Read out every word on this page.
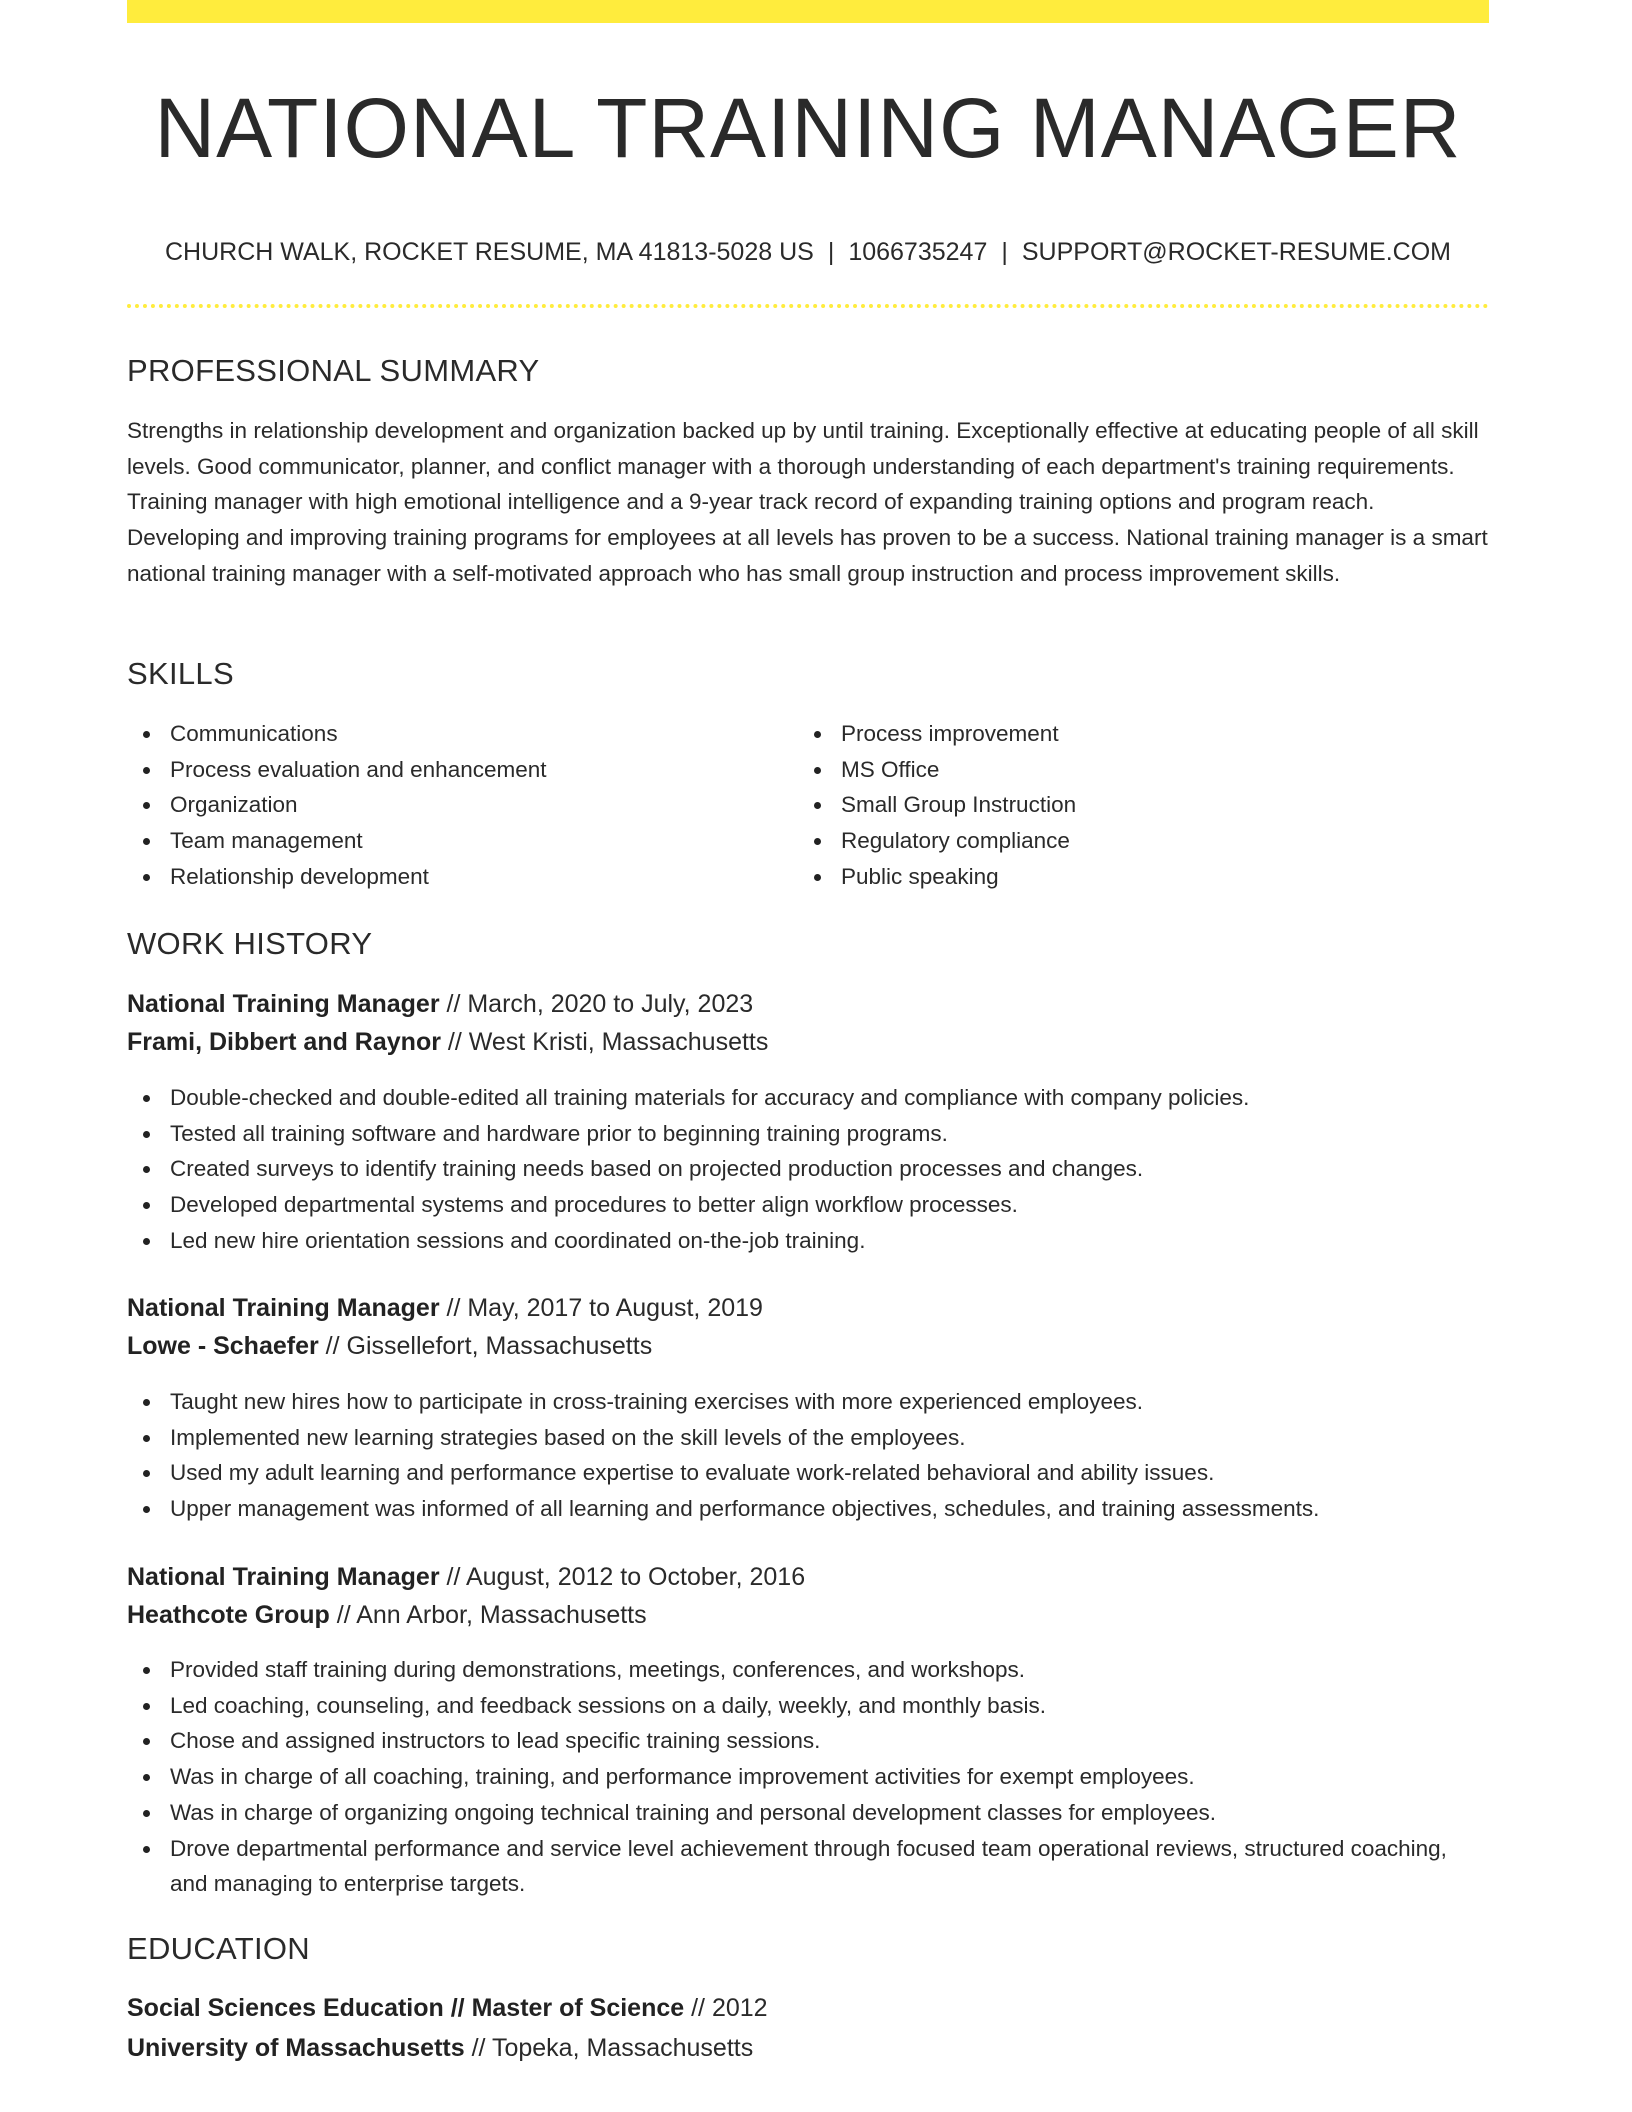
NATIONAL TRAINING MANAGER
CHURCH WALK, ROCKET RESUME, MA 41813-5028 US | 1066735247 | SUPPORT@ROCKET-RESUME.COM
PROFESSIONAL SUMMARY

Strengths in relationship development and organization backed up by until training. Exceptionally effective at educating people of all skill levels. Good communicator, planner, and conflict manager with a thorough understanding of each department's training requirements. Training manager with high emotional intelligence and a 9-year track record of expanding training options and program reach. Developing and improving training programs for employees at all levels has proven to be a success. National training manager is a smart national training manager with a self-motivated approach who has small group instruction and process improvement skills.

SKILLS
Communications
Process evaluation and enhancement
Organization
Team management
Relationship development
Process improvement
MS Office
Small Group Instruction
Regulatory compliance
Public speaking
WORK HISTORY
National Training Manager // March, 2020 to July, 2023
Frami, Dibbert and Raynor // West Kristi, Massachusetts
Double-checked and double-edited all training materials for accuracy and compliance with company policies.
Tested all training software and hardware prior to beginning training programs.
Created surveys to identify training needs based on projected production processes and changes.
Developed departmental systems and procedures to better align workflow processes.
Led new hire orientation sessions and coordinated on-the-job training.
National Training Manager // May, 2017 to August, 2019
Lowe - Schaefer // Gissellefort, Massachusetts
Taught new hires how to participate in cross-training exercises with more experienced employees.
Implemented new learning strategies based on the skill levels of the employees.
Used my adult learning and performance expertise to evaluate work-related behavioral and ability issues.
Upper management was informed of all learning and performance objectives, schedules, and training assessments.
National Training Manager // August, 2012 to October, 2016
Heathcote Group // Ann Arbor, Massachusetts
Provided staff training during demonstrations, meetings, conferences, and workshops.
Led coaching, counseling, and feedback sessions on a daily, weekly, and monthly basis.
Chose and assigned instructors to lead specific training sessions.
Was in charge of all coaching, training, and performance improvement activities for exempt employees.
Was in charge of organizing ongoing technical training and personal development classes for employees.
Drove departmental performance and service level achievement through focused team operational reviews, structured coaching, and managing to enterprise targets.
EDUCATION
Social Sciences Education // Master of Science // 2012
University of Massachusetts // Topeka, Massachusetts
